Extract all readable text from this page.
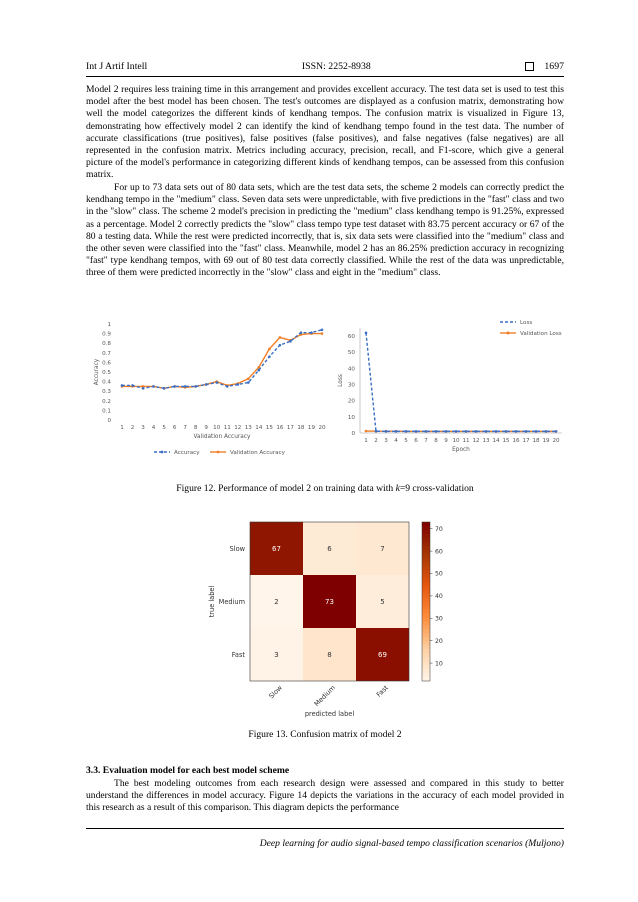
Int J Artif Intell	ISSN: 2252-8938	1697
Model 2 requires less training time in this arrangement and provides excellent accuracy. The test data set is used to test this model after the best model has been chosen. The test's outcomes are displayed as a confusion matrix, demonstrating how well the model categorizes the different kinds of kendhang tempos. The confusion matrix is visualized in Figure 13, demonstrating how effectively model 2 can identify the kind of kendhang tempo found in the test data. The number of accurate classifications (true positives), false positives (false positives), and false negatives (false negatives) are all represented in the confusion matrix. Metrics including accuracy, precision, recall, and F1-score, which give a general picture of the model's performance in categorizing different kinds of kendhang tempos, can be assessed from this confusion matrix.
For up to 73 data sets out of 80 data sets, which are the test data sets, the scheme 2 models can correctly predict the kendhang tempo in the "medium" class. Seven data sets were unpredictable, with five predictions in the "fast" class and two in the "slow" class. The scheme 2 model's precision in predicting the "medium" class kendhang tempo is 91.25%, expressed as a percentage. Model 2 correctly predicts the "slow" class tempo type test dataset with 83.75 percent accuracy or 67 of the 80 a testing data. While the rest were predicted incorrectly, that is, six data sets were classified into the "medium" class and the other seven were classified into the "fast" class. Meanwhile, model 2 has an 86.25% prediction accuracy in recognizing "fast" type kendhang tempos, with 69 out of 80 test data correctly classified. While the rest of the data was unpredictable, three of them were predicted incorrectly in the "slow" class and eight in the "medium" class.
0
0.1
0.2
0.3
0.4
0.5
0.6
0.7
0.8
0.9
1
1 2 3 4 5 6 7 8 9 10 11 12 13 14 15 16 17 18 19 20
Validation Accuracy
Accuracy
Accuracy	Validation Accuracy
0
10
20
30
40
50
60
1 2 3 4 5 6 7 8 9 10 11 12 13 14 15 16 17 18 19 20
Epoch
Loss
Loss
Validation Loss
Figure 12. Performance of model 2 on training data with k=9 cross-validation
67	6	7
2	73	5
3	8	69
Slow
Medium
Fast
Slow	Medium	Fast
predicted label
true label
10
20
30
40
50
60
70
Figure 13. Confusion matrix of model 2
3.3. Evaluation model for each best model scheme
The best modeling outcomes from each research design were assessed and compared in this study to better understand the differences in model accuracy. Figure 14 depicts the variations in the accuracy of each model provided in this research as a result of this comparison. This diagram depicts the performance
Deep learning for audio signal-based tempo classification scenarios (Muljono)
